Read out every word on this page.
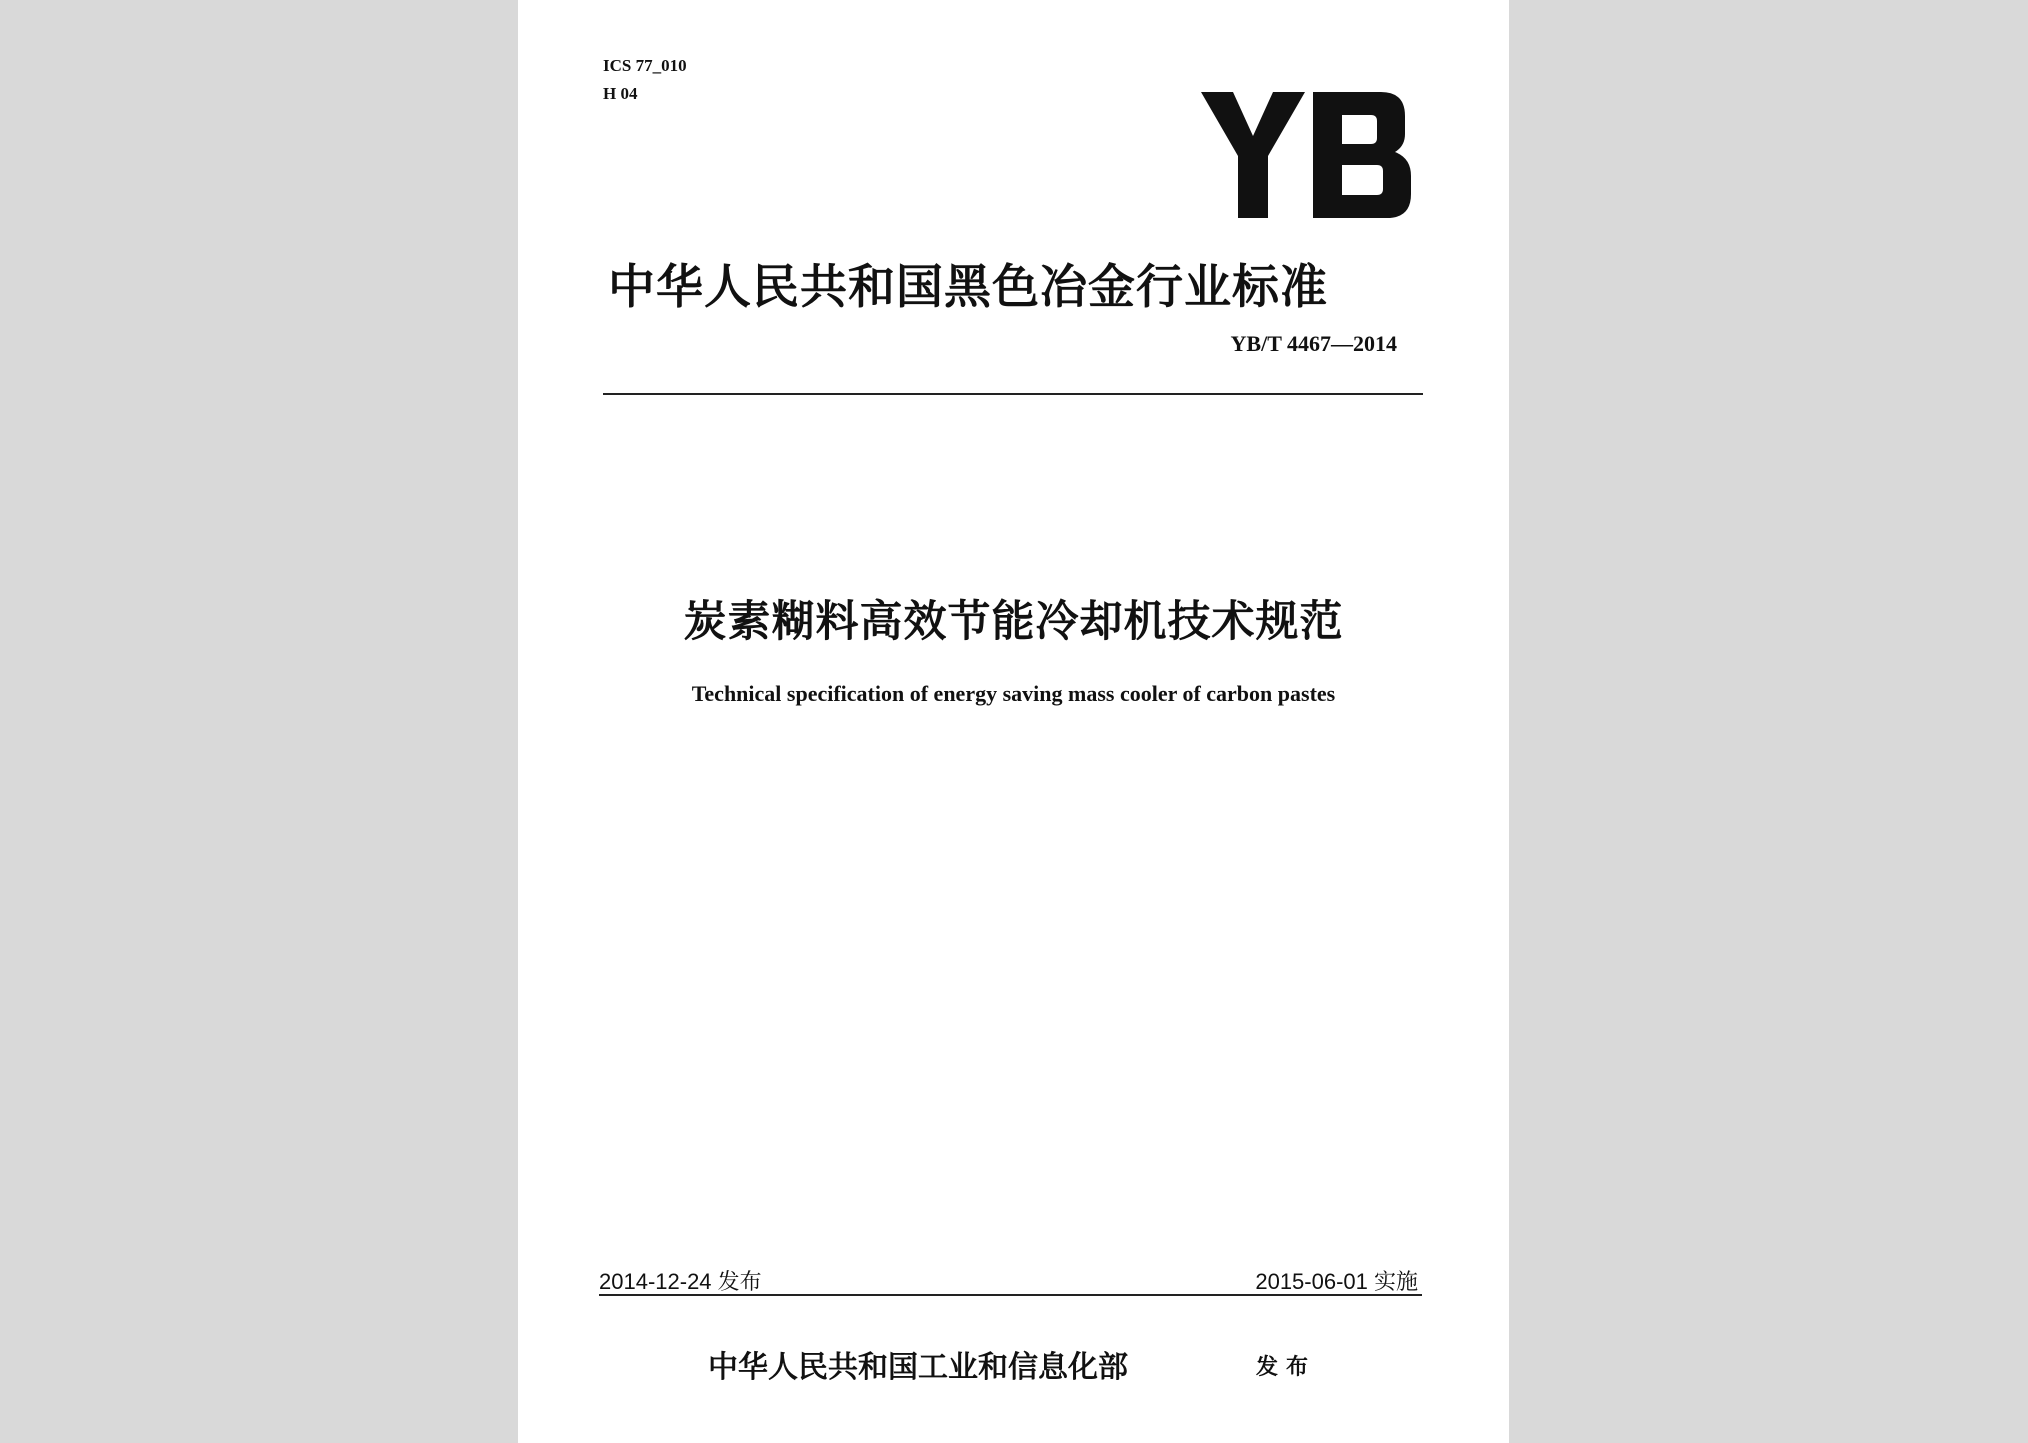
ICS 77_010
H 04
中华人民共和国黑色冶金行业标准
YB/T 4467—2014
炭素糊料高效节能冷却机技术规范
Technical specification of energy saving mass cooler of carbon pastes
2014-12-24 发布	2015-06-01 实施
中华人民共和国工业和信息化部	发布
